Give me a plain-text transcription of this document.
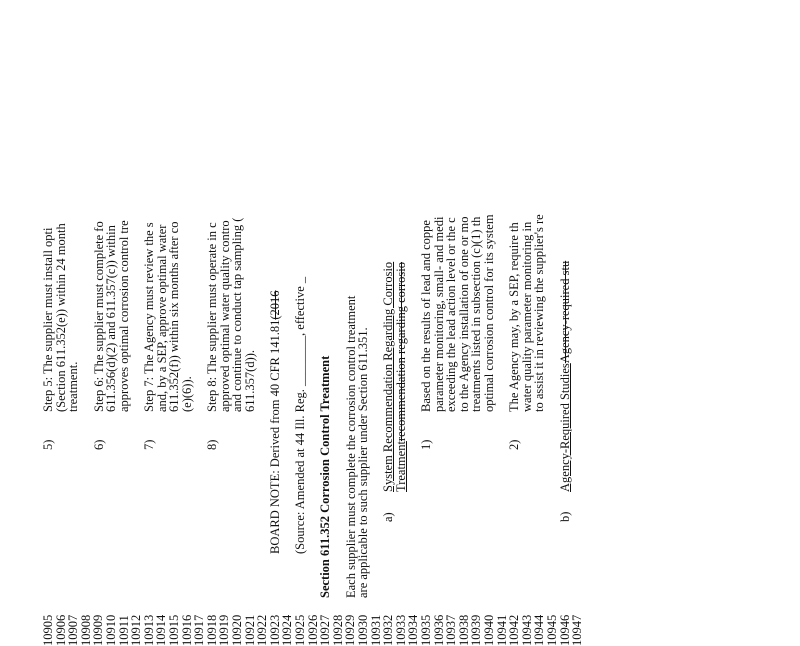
10905
10906
10907
10908
10909
10910
10911
10912
10913
10914
10915
10916
10917
10918
10919
10920
10921
10922
10923
10924
10925
10926
10927
10928
10929
10930
10931
10932
10933
10934
10935
10936
10937
10938
10939
10940
10941
10942
10943
10944
10945
10946
10947
5)
Step 5: The supplier must install opti (Section 611.352(e)) within 24 month
treatment.
6)
Step 6: The supplier must complete fo
611.356(d)(2) and 611.357(c)) within approves optimal corrosion control tre
7)
Step 7: The Agency must review the s and, by a SEP, approve optimal water
611.352(f)) within six months after co (e)(6)).
8)
Step 8: The supplier must operate in c approved optimal water quality contro
and continue to conduct tap sampling ( 611.357(d)). BOARD NOTE: Derived from 40 CFR 141.81(2016
(Source: Amended at 44 Ill. Reg. ________, effective _
Section 611.352 Corrosion Control Treatment Each supplier must complete the corrosion control treatment
are applicable to such supplier under Section 611.351. a)
System Recommendation Regarding Corrosio Treatmentrecommendation regarding corrosio
1)
Based on the results of lead and coppe parameter monitoring, small- and medi
exceeding the lead action level or the c to the Agency installation of one or mo
treatments listed in subsection (c)(1) th optimal corrosion control for its system
2)
The Agency may, by a SEP, require th water quality parameter monitoring in
to assist it in reviewing the supplier's re
b)
Agency-Required StudiesAgency-required stu
